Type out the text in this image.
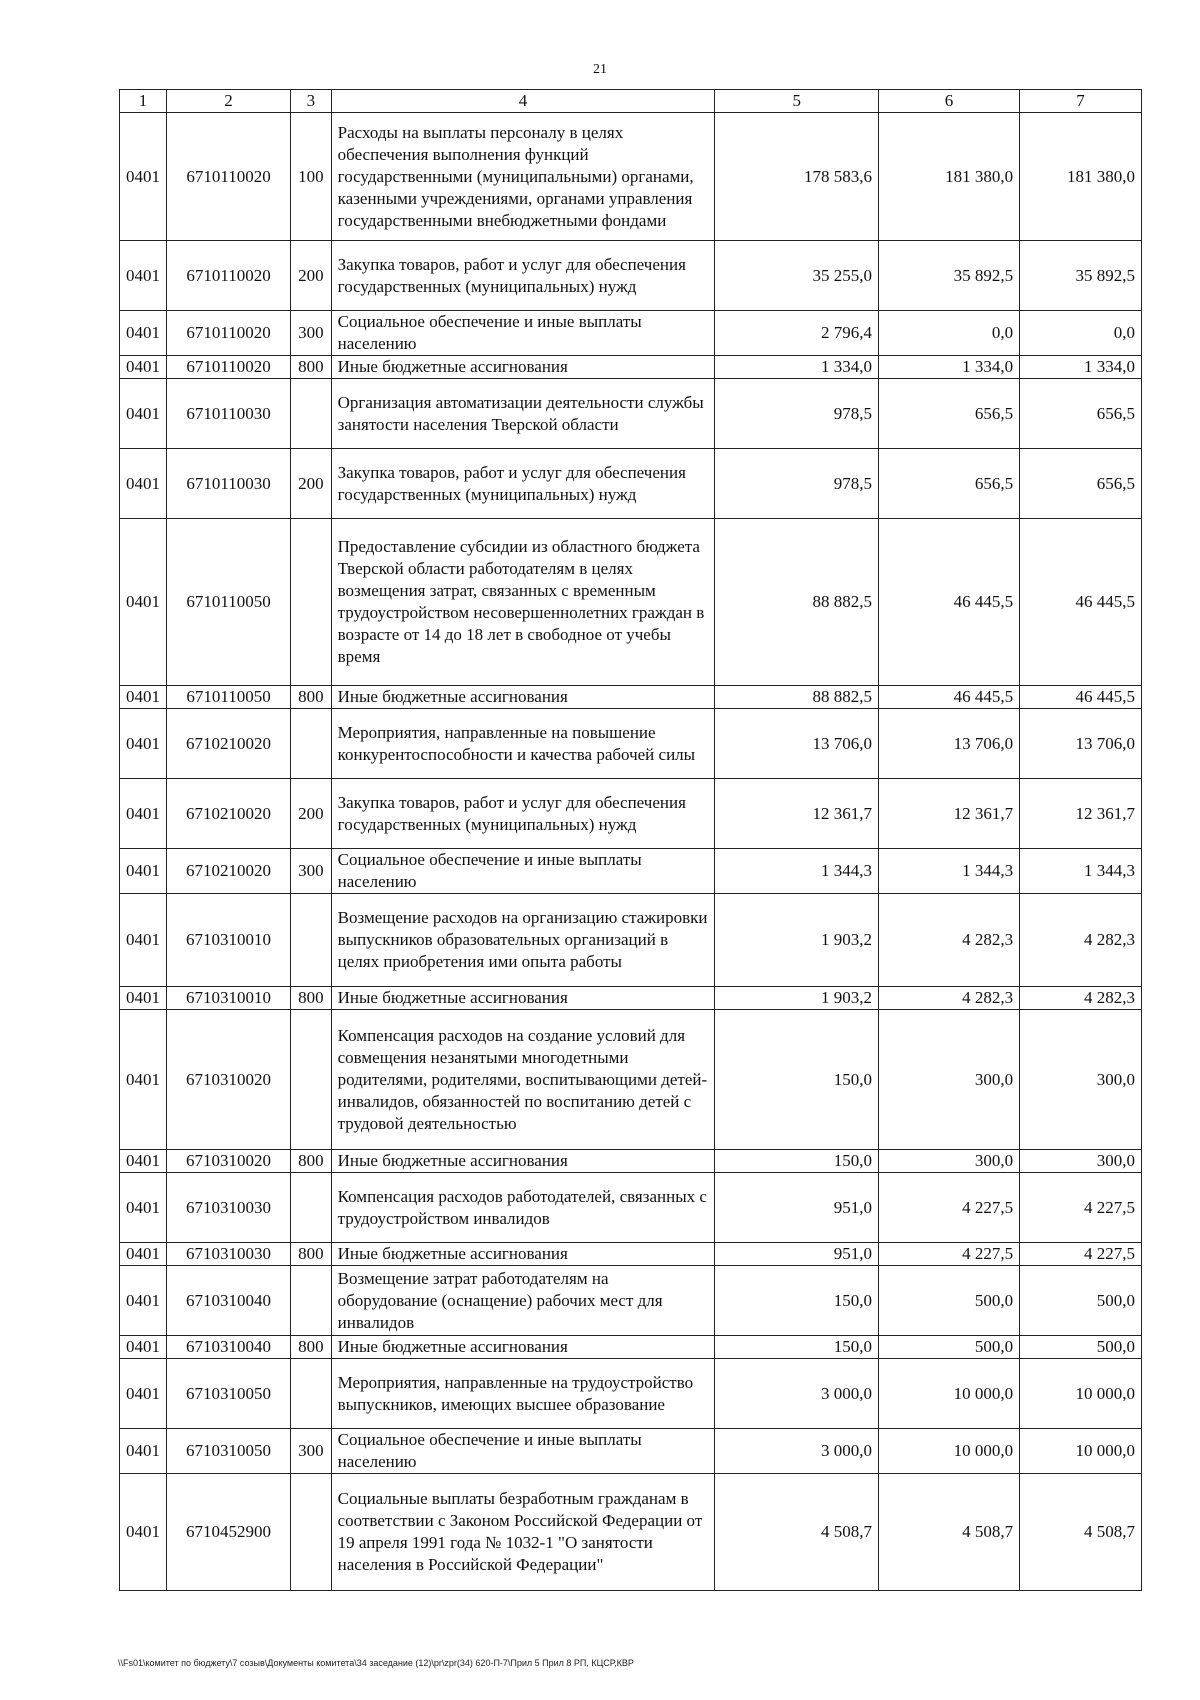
21
1	2	3	4	5	6	7
0401	6710110020	100	Расходы на выплаты персоналу в целях обеспечения выполнения функций государственными (муниципальными) органами, казенными учреждениями, органами управления государственными внебюджетными фондами	178 583,6	181 380,0	181 380,0
0401	6710110020	200	Закупка товаров, работ и услуг для обеспечения государственных (муниципальных) нужд	35 255,0	35 892,5	35 892,5
0401	6710110020	300	Социальное обеспечение и иные выплаты населению	2 796,4	0,0	0,0
0401	6710110020	800	Иные бюджетные ассигнования	1 334,0	1 334,0	1 334,0
0401	6710110030		Организация автоматизации деятельности службы занятости населения Тверской области	978,5	656,5	656,5
0401	6710110030	200	Закупка товаров, работ и услуг для обеспечения государственных (муниципальных) нужд	978,5	656,5	656,5
0401	6710110050		Предоставление субсидии из областного бюджета Тверской области работодателям в целях возмещения затрат, связанных с временным трудоустройством несовершеннолетних граждан в возрасте от 14 до 18 лет в свободное от учебы время	88 882,5	46 445,5	46 445,5
0401	6710110050	800	Иные бюджетные ассигнования	88 882,5	46 445,5	46 445,5
0401	6710210020		Мероприятия, направленные на повышение конкурентоспособности и качества рабочей силы	13 706,0	13 706,0	13 706,0
0401	6710210020	200	Закупка товаров, работ и услуг для обеспечения государственных (муниципальных) нужд	12 361,7	12 361,7	12 361,7
0401	6710210020	300	Социальное обеспечение и иные выплаты населению	1 344,3	1 344,3	1 344,3
0401	6710310010		Возмещение расходов на организацию стажировки выпускников образовательных организаций в целях приобретения ими опыта работы	1 903,2	4 282,3	4 282,3
0401	6710310010	800	Иные бюджетные ассигнования	1 903,2	4 282,3	4 282,3
0401	6710310020		Компенсация расходов на создание условий для совмещения незанятыми многодетными родителями, родителями, воспитывающими детей-инвалидов, обязанностей по воспитанию детей с трудовой деятельностью	150,0	300,0	300,0
0401	6710310020	800	Иные бюджетные ассигнования	150,0	300,0	300,0
0401	6710310030		Компенсация расходов работодателей, связанных с трудоустройством инвалидов	951,0	4 227,5	4 227,5
0401	6710310030	800	Иные бюджетные ассигнования	951,0	4 227,5	4 227,5
0401	6710310040		Возмещение затрат работодателям на оборудование (оснащение) рабочих мест для инвалидов	150,0	500,0	500,0
0401	6710310040	800	Иные бюджетные ассигнования	150,0	500,0	500,0
0401	6710310050		Мероприятия, направленные на трудоустройство выпускников, имеющих высшее образование	3 000,0	10 000,0	10 000,0
0401	6710310050	300	Социальное обеспечение и иные выплаты населению	3 000,0	10 000,0	10 000,0
0401	6710452900		Социальные выплаты безработным гражданам в соответствии с Законом Российской Федерации от 19 апреля 1991 года № 1032-1 "О занятости населения в Российской Федерации"	4 508,7	4 508,7	4 508,7
\\Fs01\комитет по бюджету\7 созыв\Документы комитета\34 заседание (12)\pr\zpr(34) 620-П-7\Прил 5 Прил 8 РП, КЦСР,КВР
